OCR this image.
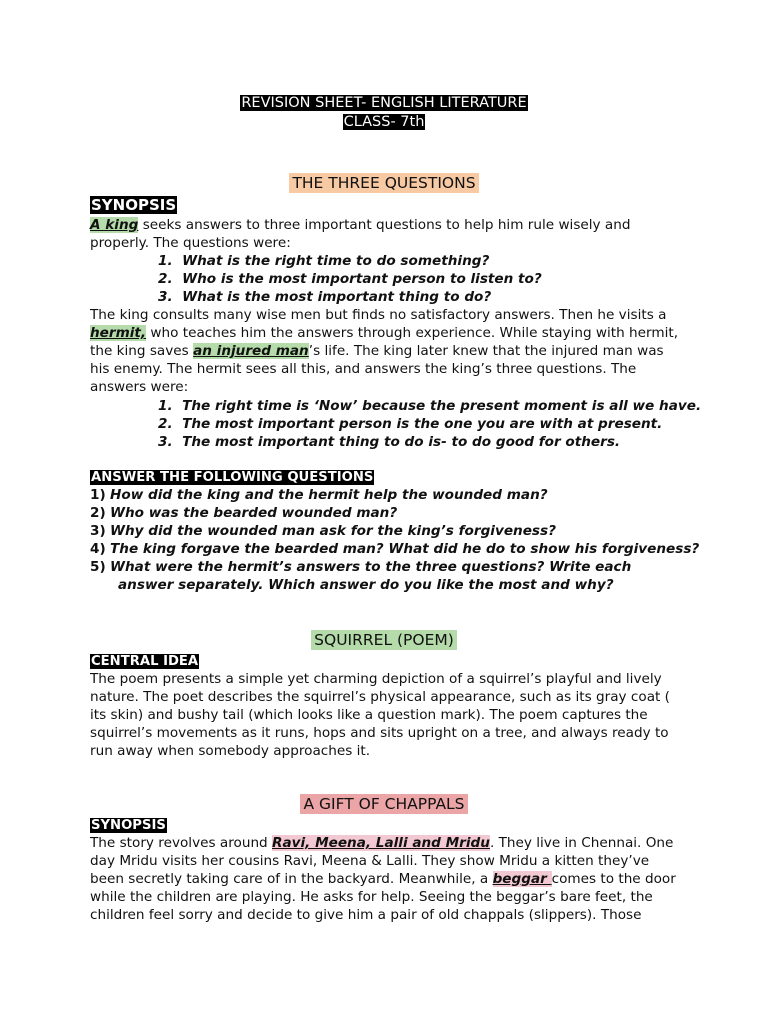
REVISION SHEET- ENGLISH LITERATURE
CLASS- 7th
THE THREE QUESTIONS
SYNOPSIS
A king seeks answers to three important questions to help him rule wisely and
properly. The questions were:
1.  What is the right time to do something?
2.  Who is the most important person to listen to?
3.  What is the most important thing to do?
The king consults many wise men but finds no satisfactory answers. Then he visits a
hermit, who teaches him the answers through experience. While staying with hermit,
the king saves an injured man’s life. The king later knew that the injured man was
his enemy. The hermit sees all this, and answers the king’s three questions. The
answers were:
1.  The right time is ‘Now’ because the present moment is all we have.
2.  The most important person is the one you are with at present.
3.  The most important thing to do is- to do good for others.
ANSWER THE FOLLOWING QUESTIONS
1) How did the king and the hermit help the wounded man?
2) Who was the bearded wounded man?
3) Why did the wounded man ask for the king’s forgiveness?
4) The king forgave the bearded man? What did he do to show his forgiveness?
5) What were the hermit’s answers to the three questions? Write each
answer separately. Which answer do you like the most and why?
SQUIRREL (POEM)
CENTRAL IDEA
The poem presents a simple yet charming depiction of a squirrel’s playful and lively
nature. The poet describes the squirrel’s physical appearance, such as its gray coat (
its skin) and bushy tail (which looks like a question mark). The poem captures the
squirrel’s movements as it runs, hops and sits upright on a tree, and always ready to
run away when somebody approaches it.
A GIFT OF CHAPPALS
SYNOPSIS
The story revolves around Ravi, Meena, Lalli and Mridu. They live in Chennai. One
day Mridu visits her cousins Ravi, Meena & Lalli. They show Mridu a kitten they’ve
been secretly taking care of in the backyard. Meanwhile, a beggar comes to the door
while the children are playing. He asks for help. Seeing the beggar’s bare feet, the
children feel sorry and decide to give him a pair of old chappals (slippers). Those
